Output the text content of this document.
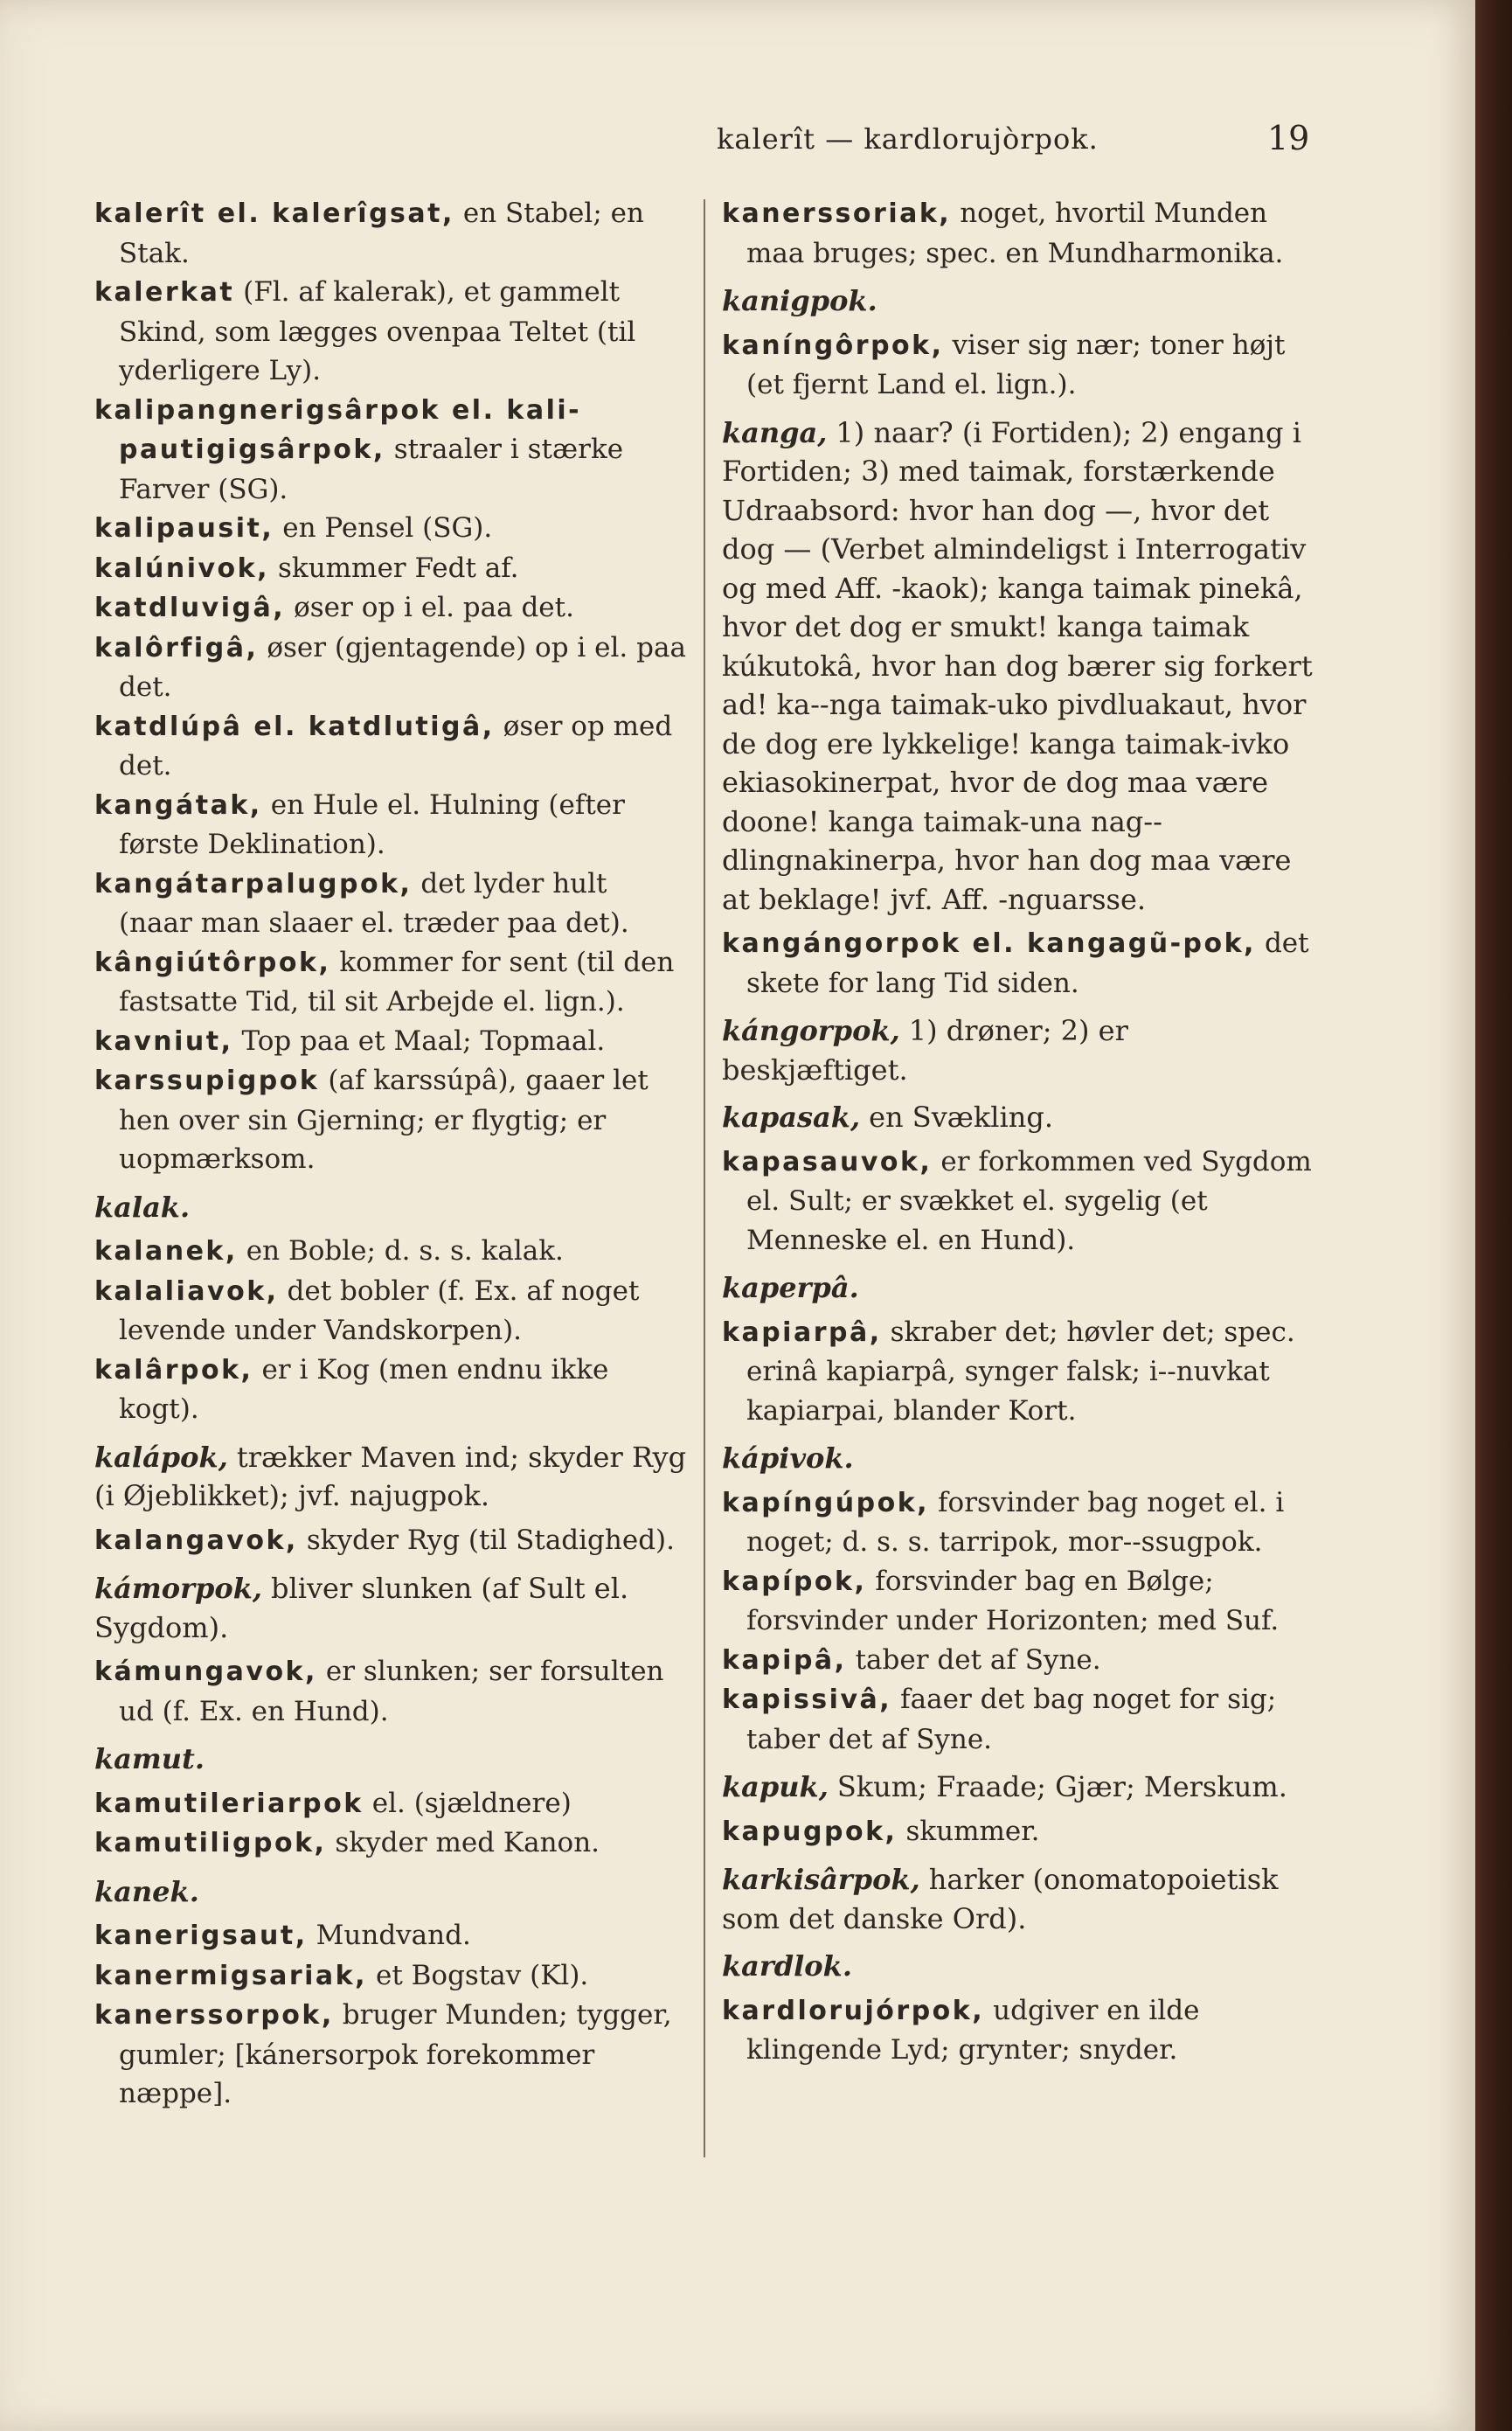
kalerît — kardlorujòrpok.	19

kalerît el. kalerîgsat, en Stabel; en Stak.

kalerkat (Fl. af kalerak), et gammelt Skind, som lægges ovenpaa Teltet (til yderligere Ly).

kalipangnerigsârpok el. kali-pautigigsârpok, straaler i stærke Farver (SG).

kalipausit, en Pensel (SG).

kalúnivok, skummer Fedt af.

katdluvigâ, øser op i el. paa det.

kalôrfigâ, øser (gjentagende) op i el. paa det.

katdlúpâ el. katdlutigâ, øser op med det.

kangátak, en Hule el. Hulning (efter første Deklination).

kangátarpalugpok, det lyder hult (naar man slaaer el. træder paa det).

kângiútôrpok, kommer for sent (til den fastsatte Tid, til sit Arbejde el. lign.).

kavniut, Top paa et Maal; Topmaal.

karssupigpok (af karssúpâ), gaaer let hen over sin Gjerning; er flygtig; er uopmærksom.

kalak.

kalanek, en Boble; d. s. s. kalak.

kalaliavok, det bobler (f. Ex. af noget levende under Vandskorpen).

kalârpok, er i Kog (men endnu ikke kogt).

kalápok, trækker Maven ind; skyder Ryg (i Øjeblikket); jvf. najugpok.

kalangavok, skyder Ryg (til Stadighed).

kámorpok, bliver slunken (af Sult el. Sygdom).

kámungavok, er slunken; ser forsulten ud (f. Ex. en Hund).

kamut.

kamutileriarpok el. (sjældnere)

kamutiligpok, skyder med Kanon.

kanek.

kanerigsaut, Mundvand.

kanermigsariak, et Bogstav (Kl).

kanerssorpok, bruger Munden; tygger, gumler; [kánersorpok forekommer næppe].

kanerssoriak, noget, hvortil Munden maa bruges; spec. en Mundharmonika.

kanigpok.

kaníngôrpok, viser sig nær; toner højt (et fjernt Land el. lign.).

kanga, 1) naar? (i Fortiden); 2) engang i Fortiden; 3) med taimak, forstærkende Udraabsord: hvor han dog —, hvor det dog — (Verbet almindeligst i Interrogativ og med Aff. -kaok); kanga taimak pinekâ, hvor det dog er smukt! kanga taimak kúkutokâ, hvor han dog bærer sig forkert ad! ka--nga taimak-uko pivdluakaut, hvor de dog ere lykkelige! kanga taimak-ivko ekiasokinerpat, hvor de dog maa være doone! kanga taimak-una nag--dlingnakinerpa, hvor han dog maa være at beklage! jvf. Aff. -nguarsse.

kangángorpok el. kangagũ-pok, det skete for lang Tid siden.

kángorpok, 1) drøner; 2) er beskjæftiget.

kapasak, en Svækling.

kapasauvok, er forkommen ved Sygdom el. Sult; er svækket el. sygelig (et Menneske el. en Hund).

kaperpâ.

kapiarpâ, skraber det; høvler det; spec. erinâ kapiarpâ, synger falsk; i--nuvkat kapiarpai, blander Kort.

kápivok.

kapíngúpok, forsvinder bag noget el. i noget; d. s. s. tarripok, mor--ssugpok.

kapípok, forsvinder bag en Bølge; forsvinder under Horizonten; med Suf.

kapipâ, taber det af Syne.

kapissivâ, faaer det bag noget for sig; taber det af Syne.

kapuk, Skum; Fraade; Gjær; Merskum.

kapugpok, skummer.

karkisârpok, harker (onomatopoietisk som det danske Ord).

kardlok.

kardlorujórpok, udgiver en ilde klingende Lyd; grynter; snyder.
